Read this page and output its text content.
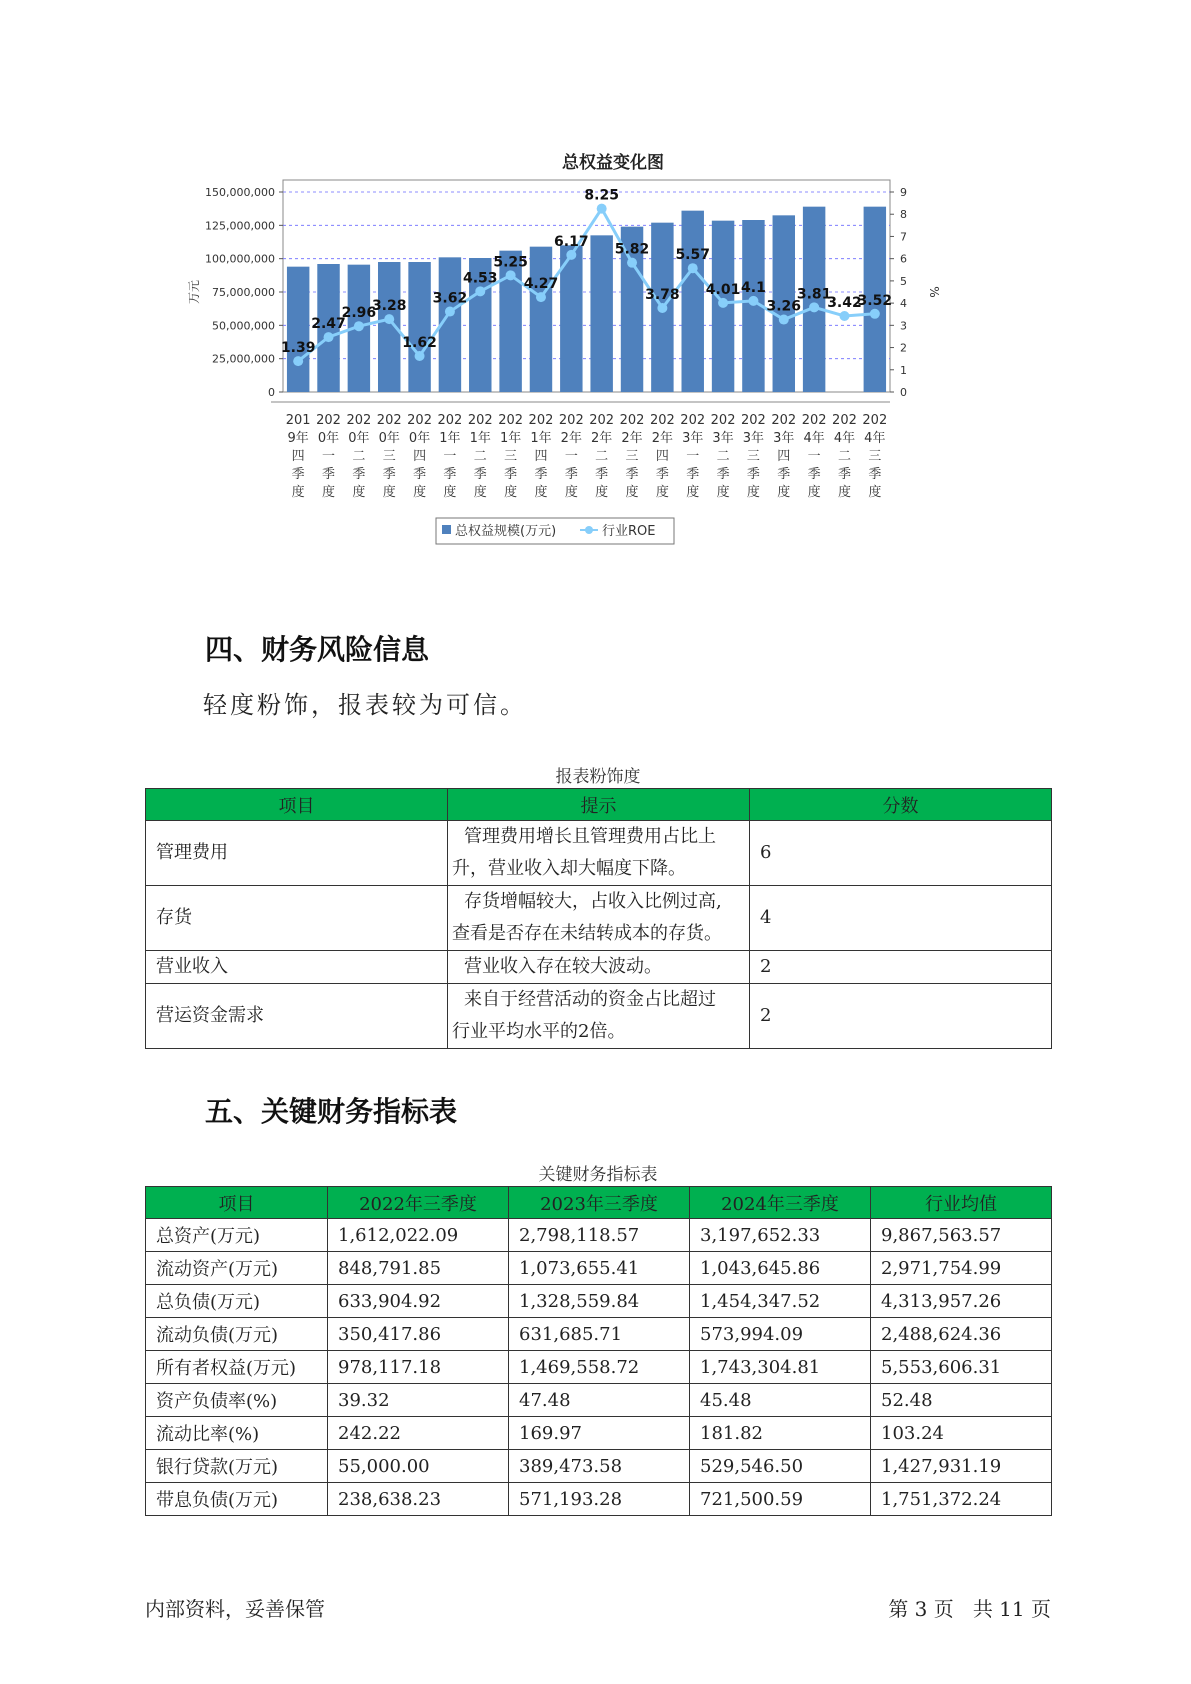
总权益变化图
0
25,000,000
50,000,000
75,000,000
100,000,000
125,000,000
150,000,000
0
1
2
3
4
5
6
7
8
9
万元	%
1.39
2.47
2.96
3.28
1.62
3.62
4.53
5.25
4.27
6.17
8.25
5.82
3.78
5.57
4.01 4.1
3.26
3.81
3.42
3.52
201
9年
四
季
度
202
0年
一
季
度
202
0年
二
季
度
202
0年
三
季
度
202
0年
四
季
度
202
1年
一
季
度
202
1年
二
季
度
202
1年
三
季
度
202
1年
四
季
度
202
2年
一
季
度
202
2年
二
季
度
202
2年
三
季
度
202
2年
四
季
度
202
3年
一
季
度
202
3年
二
季
度
202
3年
三
季
度
202
3年
四
季
度
202
4年
一
季
度
202
4年
二
季
度
202
4年
三
季
度
总权益规模(万元)	行业ROE
四、财务风险信息
轻度粉饰，报表较为可信。
报表粉饰度
项目	提示	分数
管理费用	管理费用增长且管理费用占比上
升，营业收入却大幅度下降。	6
存货	存货增幅较大，占收入比例过高,
查看是否存在未结转成本的存货。	4
营业收入	营业收入存在较大波动。	2
营运资金需求	来自于经营活动的资金占比超过
行业平均水平的2倍。	2
五、关键财务指标表
关键财务指标表
项目	2022年三季度	2023年三季度	2024年三季度	行业均值
总资产(万元)	1,612,022.09	2,798,118.57	3,197,652.33	9,867,563.57
流动资产(万元)	848,791.85	1,073,655.41	1,043,645.86	2,971,754.99
总负债(万元)	633,904.92	1,328,559.84	1,454,347.52	4,313,957.26
流动负债(万元)	350,417.86	631,685.71	573,994.09	2,488,624.36
所有者权益(万元)	978,117.18	1,469,558.72	1,743,304.81	5,553,606.31
资产负债率(%)	39.32	47.48	45.48	52.48
流动比率(%)	242.22	169.97	181.82	103.24
银行贷款(万元)	55,000.00	389,473.58	529,546.50	1,427,931.19
带息负债(万元)	238,638.23	571,193.28	721,500.59	1,751,372.24
内部资料，妥善保管	第 3 页   共 11 页
